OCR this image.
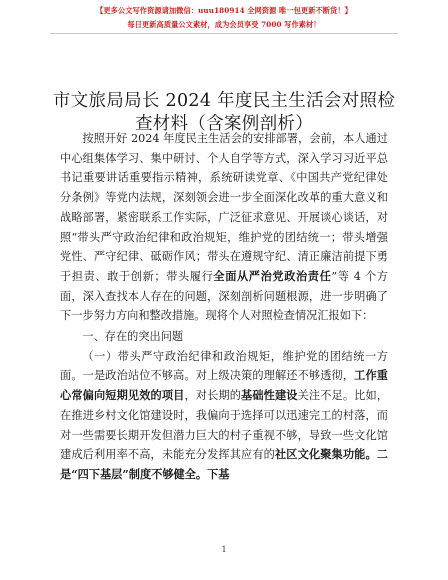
【更多公文写作资源请加微信：uuu180914 全网资源 唯一包更新不断货！】
每日更新高质量公文素材，成为会员享受 7000 写作素材！
市文旅局局长 2024 年度民主生活会对照检查材料（含案例剖析）

按照开好 2024 年度民主生活会的安排部署，会前，本人通过中心组集体学习、集中研讨、个人自学等方式，深入学习习近平总书记重要讲话重要指示精神，系统研读党章、《中国共产党纪律处分条例》等党内法规，深刻领会进一步全面深化改革的重大意义和战略部署，紧密联系工作实际，广泛征求意见、开展谈心谈话，对照“带头严守政治纪律和政治规矩，维护党的团结统一；带头增强党性、严守纪律、砥砺作风；带头在遵规守纪、清正廉洁前提下勇于担责、敢于创新；带头履行全面从严治党政治责任”等 4 个方面，深入查找本人存在的问题，深刻剖析问题根源，进一步明确了下一步努力方向和整改措施。现将个人对照检查情况汇报如下：

一、存在的突出问题

（一）带头严守政治纪律和政治规矩，维护党的团结统一方面。一是政治站位不够高。对上级决策的理解还不够透彻，工作重心常偏向短期见效的项目，对长期的基础性建设关注不足。比如，在推进乡村文化馆建设时，我偏向于选择可以迅速完工的村落，而对一些需要长期开发但潜力巨大的村子重视不够，导致一些文化馆建成后利用率不高，未能充分发挥其应有的社区文化聚集功能。二是“四下基层”制度不够健全。下基

1
